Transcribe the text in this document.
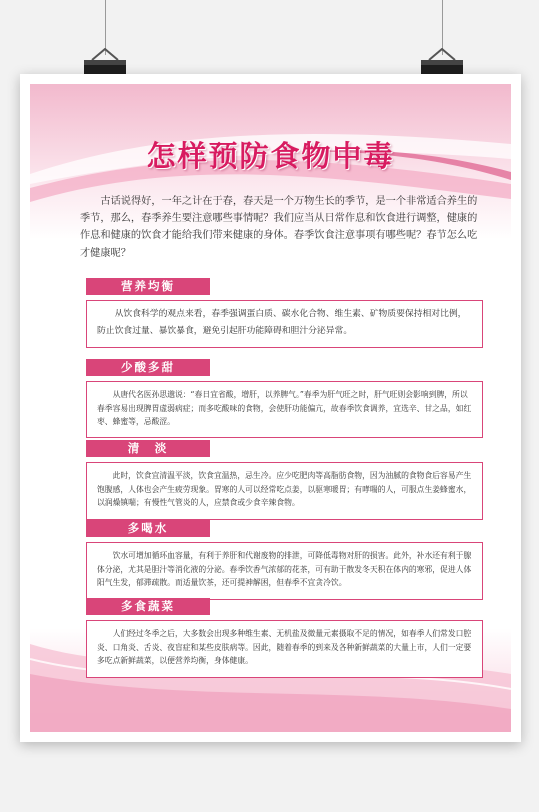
怎样预防食物中毒
古话说得好，一年之计在于春，春天是一个万物生长的季节，是一个非常适合养生的季节，那么，春季养生要注意哪些事情呢？我们应当从日常作息和饮食进行调整，健康的作息和健康的饮食才能给我们带来健康的身体。春季饮食注意事项有哪些呢？春节怎么吃才健康呢？
营养均衡
从饮食科学的观点来看，春季强调蛋白质、碳水化合物、维生素、矿物质要保持相对比例，防止饮食过量、暴饮暴食，避免引起肝功能障碍和胆汁分泌异常。
少酸多甜
从唐代名医孙思邈说：“春日宜省酸，增肝，以养脾气。”春季为肝气旺之时，肝气旺则会影响到脾，所以春季容易出现脾胃虚弱病症；而多吃酸味的食物，会使肝功能偏亢，故春季饮食调养，宜选辛、甘之品，如红枣、蜂蜜等，忌酸涩。
清　淡
此时，饮食宜清温平淡，饮食宜温热，忌生冷。应少吃肥肉等高脂肪食物，因为油腻的食物食后容易产生饱腹感，人体也会产生疲劳现象。胃寒的人可以经常吃点姜，以驱寒暖胃；有哮喘的人，可服点生姜蜂蜜水，以润燥镇喘；有慢性气管炎的人，应禁食或少食辛辣食物。
多喝水
饮水可增加循环血容量，有利于养肝和代谢废物的排泄，可降低毒物对肝的损害。此外，补水还有利于腺体分泌，尤其是胆汁等消化液的分泌。春季饮香气浓郁的花茶，可有助于散发冬天积在体内的寒邪，促进人体阳气生发，郁滞疏散。而适量饮茶，还可提神解困，但春季不宜贪冷饮。
多食蔬菜
人们经过冬季之后，大多数会出现多种维生素、无机盐及微量元素摄取不足的情况，如春季人们常发口腔炎、口角炎、舌炎、夜盲症和某些皮肤病等。因此，随着春季的到来及各种新鲜蔬菜的大量上市，人们一定要多吃点新鲜蔬菜，以便营养均衡，身体健康。
